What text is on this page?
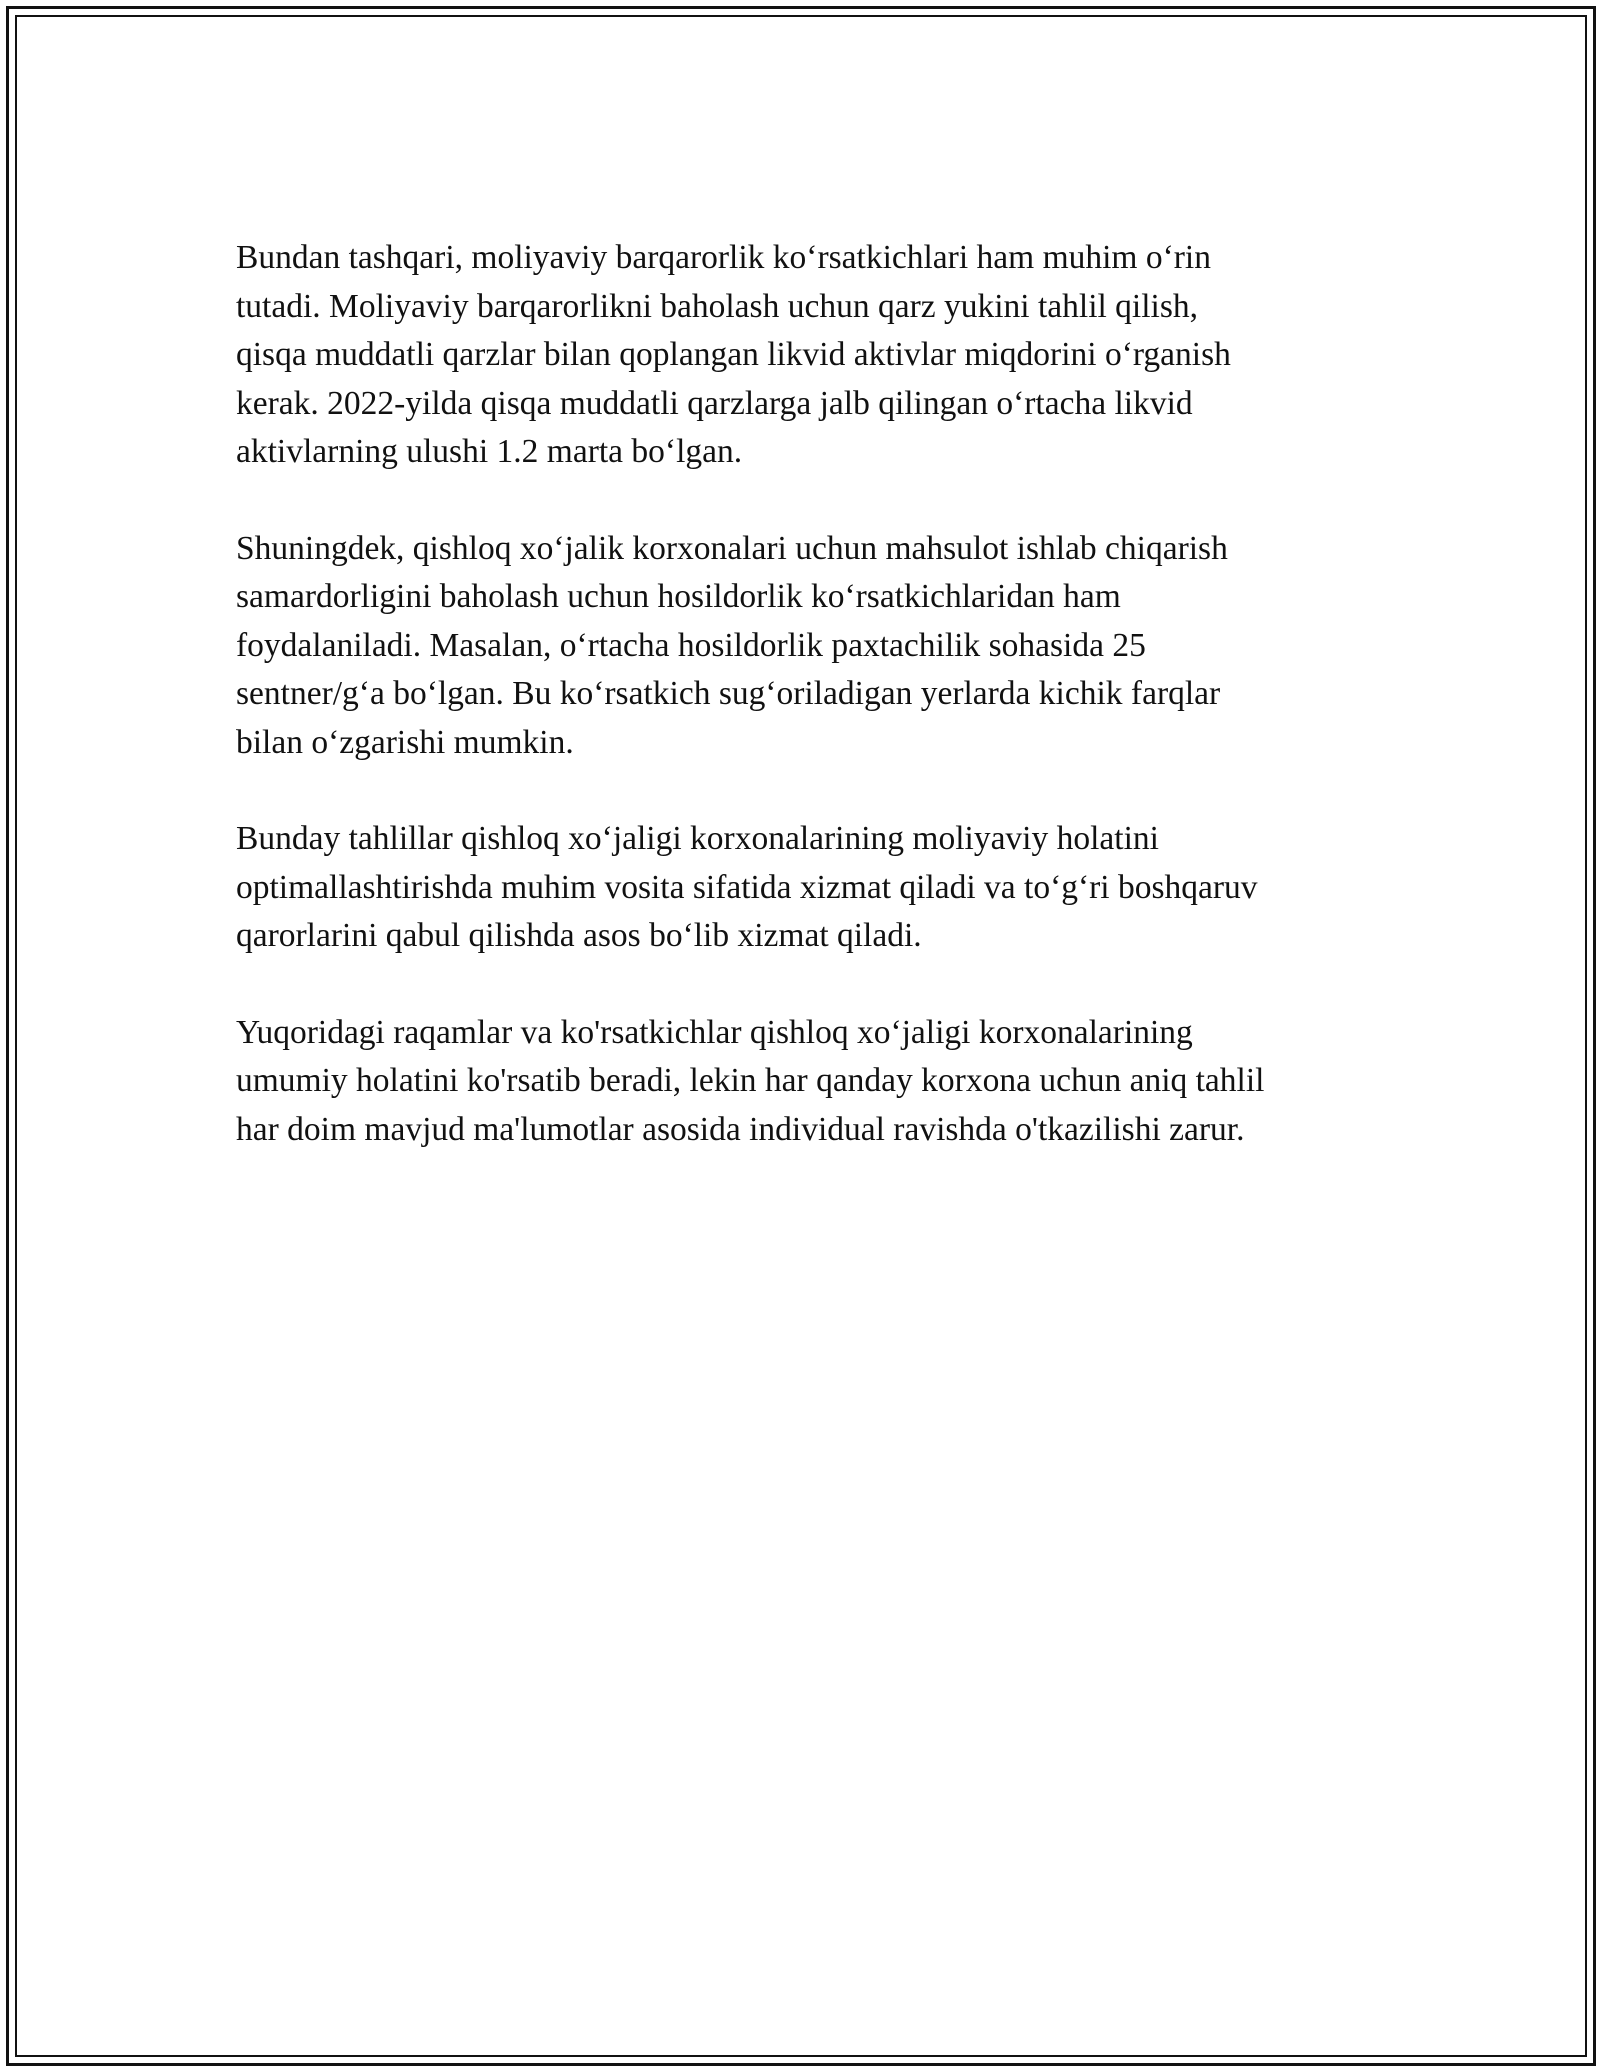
Bundan tashqari, moliyaviy barqarorlik ko‘rsatkichlari ham muhim o‘rin
tutadi. Moliyaviy barqarorlikni baholash uchun qarz yukini tahlil qilish,
qisqa muddatli qarzlar bilan qoplangan likvid aktivlar miqdorini o‘rganish
kerak. 2022-yilda qisqa muddatli qarzlarga jalb qilingan o‘rtacha likvid
aktivlarning ulushi 1.2 marta bo‘lgan.

Shuningdek, qishloq xo‘jalik korxonalari uchun mahsulot ishlab chiqarish
samardorligini baholash uchun hosildorlik ko‘rsatkichlaridan ham
foydalaniladi. Masalan, o‘rtacha hosildorlik paxtachilik sohasida 25
sentner/g‘a bo‘lgan. Bu ko‘rsatkich sug‘oriladigan yerlarda kichik farqlar
bilan o‘zgarishi mumkin.

Bunday tahlillar qishloq xo‘jaligi korxonalarining moliyaviy holatini
optimallashtirishda muhim vosita sifatida xizmat qiladi va to‘g‘ri boshqaruv
qarorlarini qabul qilishda asos bo‘lib xizmat qiladi.

Yuqoridagi raqamlar va ko'rsatkichlar qishloq xo‘jaligi korxonalarining
umumiy holatini ko'rsatib beradi, lekin har qanday korxona uchun aniq tahlil
har doim mavjud ma'lumotlar asosida individual ravishda o'tkazilishi zarur.
